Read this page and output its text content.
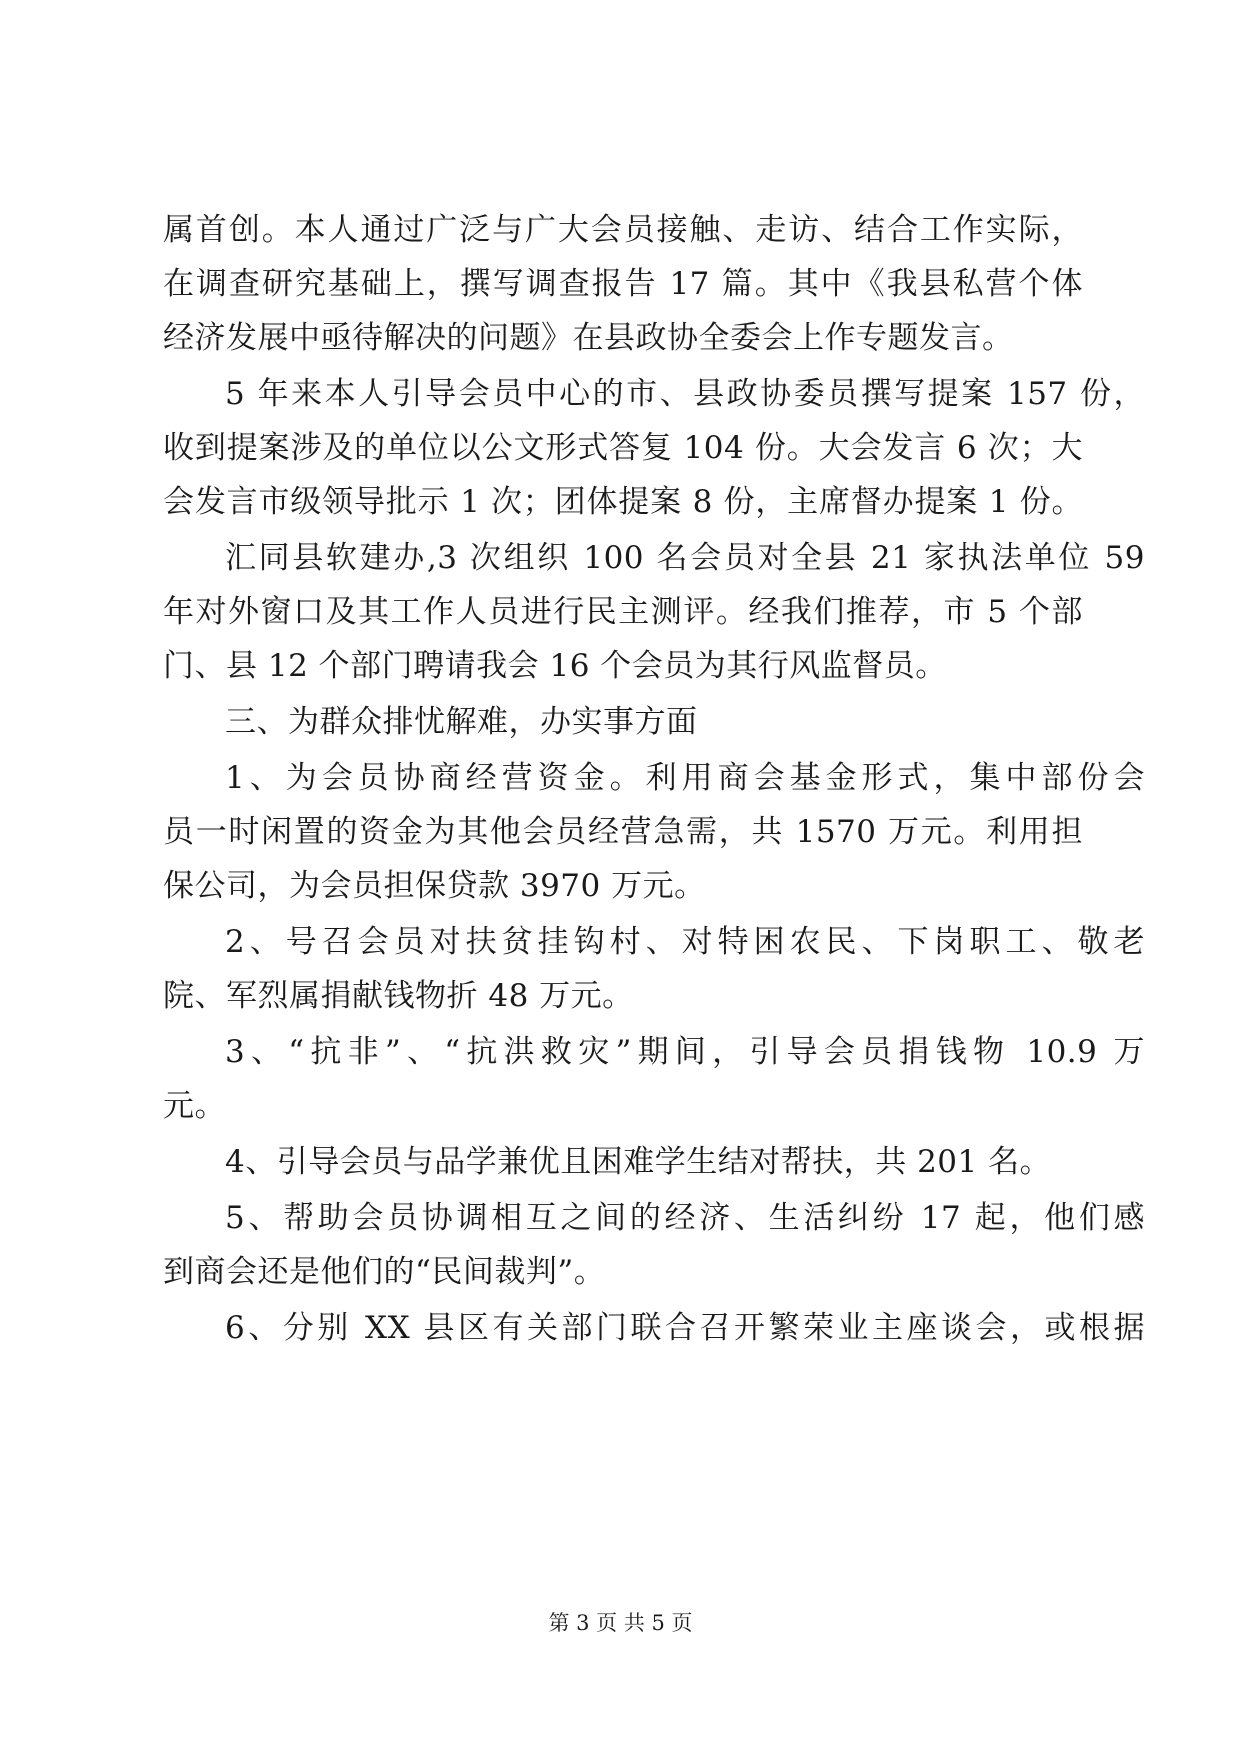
属首创。本人通过广泛与广大会员接触、走访、结合工作实际，
在调查研究基础上，撰写调查报告 17 篇。其中《我县私营个体
经济发展中亟待解决的问题》在县政协全委会上作专题发言。
5 年来本人引导会员中心的市、县政协委员撰写提案 157 份，
收到提案涉及的单位以公文形式答复 104 份。大会发言 6 次；大
会发言市级领导批示 1 次；团体提案 8 份，主席督办提案 1 份。
汇同县软建办,3 次组织 100 名会员对全县 21 家执法单位 59
年对外窗口及其工作人员进行民主测评。经我们推荐，市 5 个部
门、县 12 个部门聘请我会 16 个会员为其行风监督员。
三、为群众排忧解难，办实事方面
1、为会员协商经营资金。利用商会基金形式，集中部份会
员一时闲置的资金为其他会员经营急需，共 1570 万元。利用担
保公司，为会员担保贷款 3970 万元。
2、号召会员对扶贫挂钩村、对特困农民、下岗职工、敬老
院、军烈属捐献钱物折 48 万元。
3、“抗非”、“抗洪救灾”期间，引导会员捐钱物 10.9 万
元。
4、引导会员与品学兼优且困难学生结对帮扶，共 201 名。
5、帮助会员协调相互之间的经济、生活纠纷 17 起，他们感
到商会还是他们的“民间裁判”。
6、分别 XX 县区有关部门联合召开繁荣业主座谈会，或根据
第 3 页 共 5 页
